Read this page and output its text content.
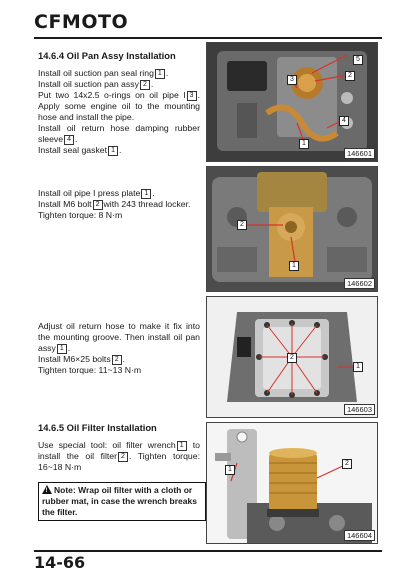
CFMOTO
14.6.4 Oil Pan Assy Installation
Install oil suction pan seal ring 1 .
Install oil suction pan assy 2 .
Put two 14x2.5 o-rings on oil pipe I 3 . Apply some engine oil to the mounting hose and install the pipe.
Install oil return hose damping rubber sleeve 4 .
Install seal gasket 1 .
5
2
3
4
1
146601
Install oil pipe I press plate 1 .
Install M6 bolt 2 with 243 thread locker.
Tighten torque: 8 N·m
2
1
146602
Adjust oil return hose to make it fix into the mounting groove. Then install oil pan assy 1 .
Install M6×25 bolts 2 .
Tighten torque: 11~13 N·m
2
1
146603
14.6.5 Oil Filter Installation
Use special tool: oil filter wrench 1 to install the oil filter 2 . Tighten torque: 16~18 N·m
!Note: Wrap oil filter with a cloth or rubber mat, in case the wrench breaks the filter.
2
1
146604
14-66
